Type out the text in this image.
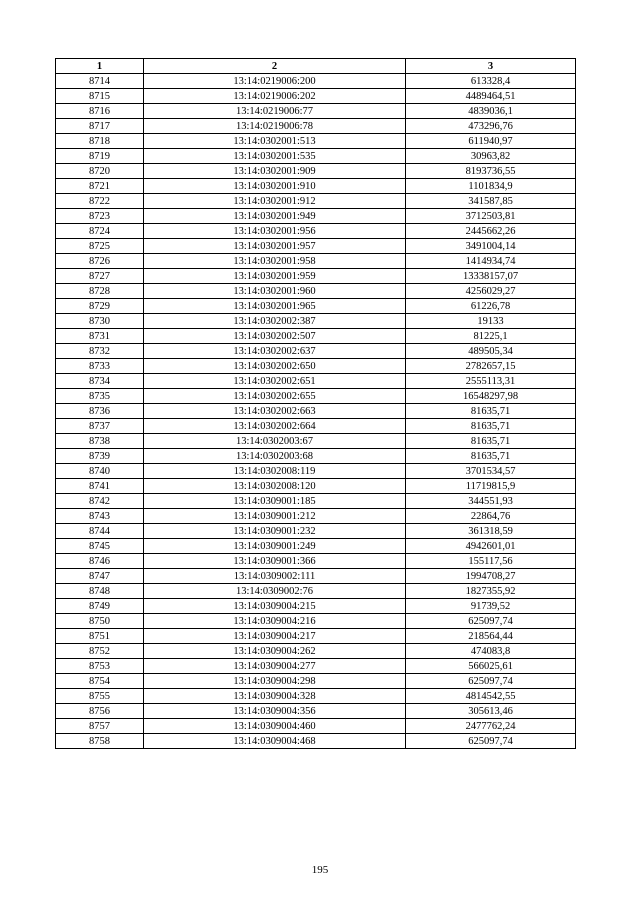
1	2	3
8714	13:14:0219006:200	613328,4
8715	13:14:0219006:202	4489464,51
8716	13:14:0219006:77	4839036,1
8717	13:14:0219006:78	473296,76
8718	13:14:0302001:513	611940,97
8719	13:14:0302001:535	30963,82
8720	13:14:0302001:909	8193736,55
8721	13:14:0302001:910	1101834,9
8722	13:14:0302001:912	341587,85
8723	13:14:0302001:949	3712503,81
8724	13:14:0302001:956	2445662,26
8725	13:14:0302001:957	3491004,14
8726	13:14:0302001:958	1414934,74
8727	13:14:0302001:959	13338157,07
8728	13:14:0302001:960	4256029,27
8729	13:14:0302001:965	61226,78
8730	13:14:0302002:387	19133
8731	13:14:0302002:507	81225,1
8732	13:14:0302002:637	489505,34
8733	13:14:0302002:650	2782657,15
8734	13:14:0302002:651	2555113,31
8735	13:14:0302002:655	16548297,98
8736	13:14:0302002:663	81635,71
8737	13:14:0302002:664	81635,71
8738	13:14:0302003:67	81635,71
8739	13:14:0302003:68	81635,71
8740	13:14:0302008:119	3701534,57
8741	13:14:0302008:120	11719815,9
8742	13:14:0309001:185	344551,93
8743	13:14:0309001:212	22864,76
8744	13:14:0309001:232	361318,59
8745	13:14:0309001:249	4942601,01
8746	13:14:0309001:366	155117,56
8747	13:14:0309002:111	1994708,27
8748	13:14:0309002:76	1827355,92
8749	13:14:0309004:215	91739,52
8750	13:14:0309004:216	625097,74
8751	13:14:0309004:217	218564,44
8752	13:14:0309004:262	474083,8
8753	13:14:0309004:277	566025,61
8754	13:14:0309004:298	625097,74
8755	13:14:0309004:328	4814542,55
8756	13:14:0309004:356	305613,46
8757	13:14:0309004:460	2477762,24
8758	13:14:0309004:468	625097,74
195
